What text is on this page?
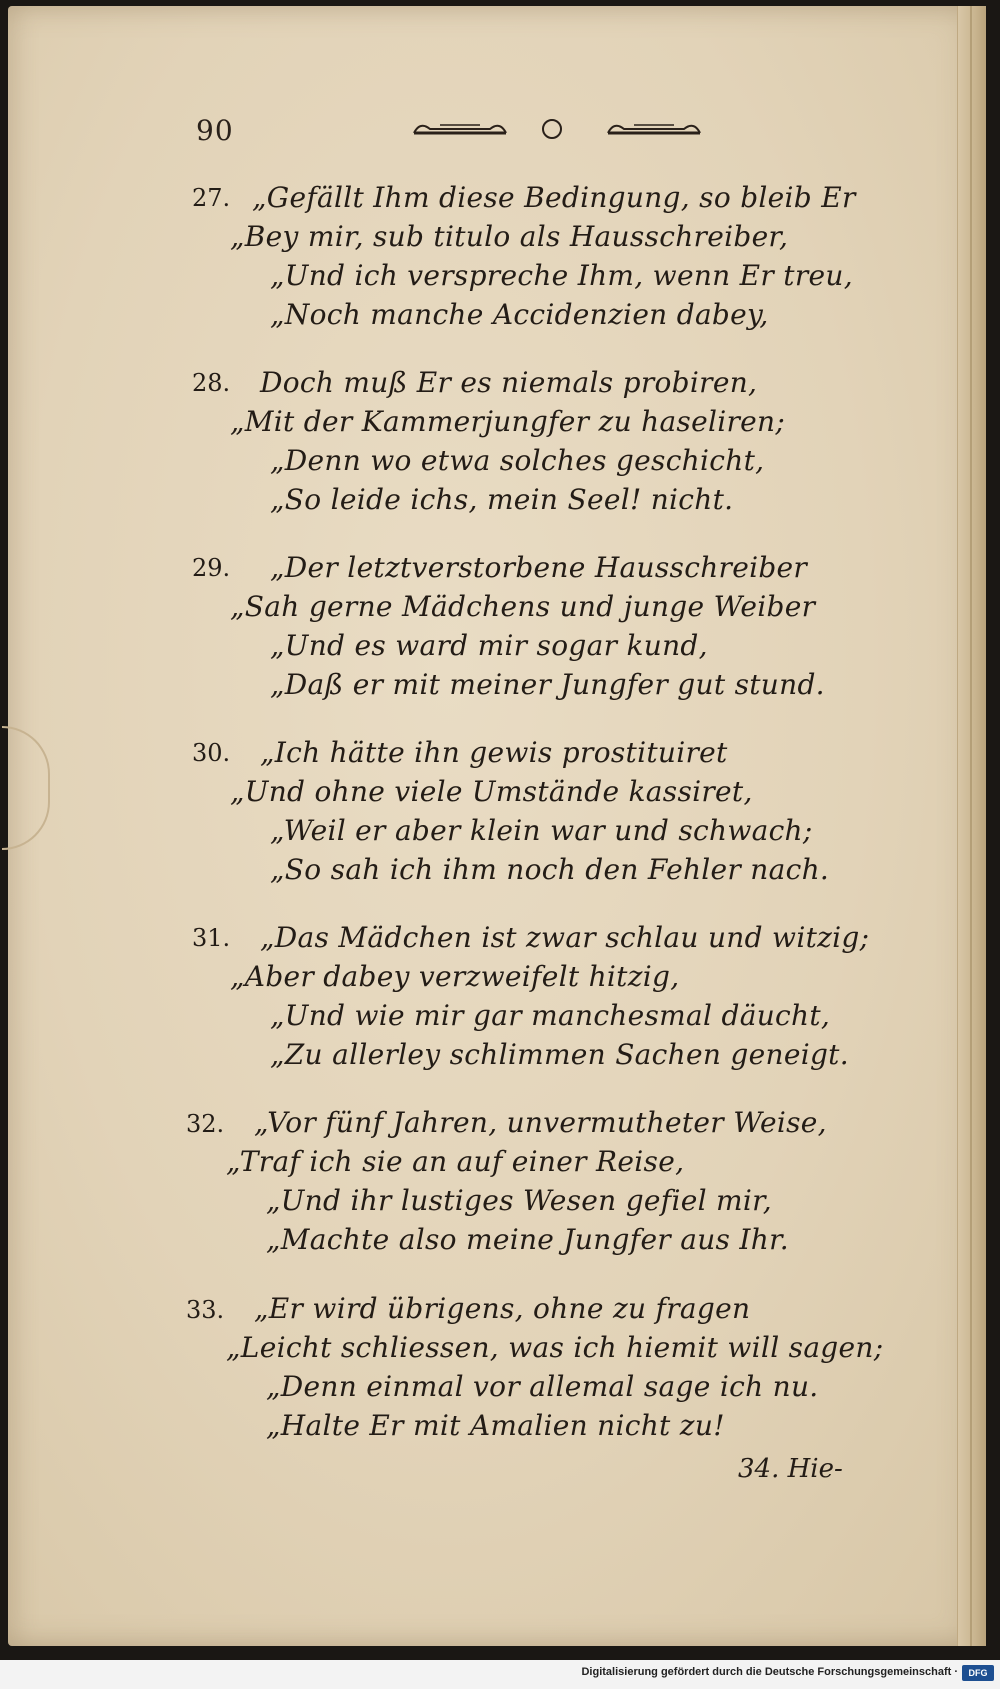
90
27. „Gefällt Ihm diese Bedingung, so bleib Er
„Bey mir, sub titulo als Hausschreiber,
„Und ich verspreche Ihm, wenn Er treu,
„Noch manche Accidenzien dabey,
28. Doch muß Er es niemals probiren,
„Mit der Kammerjungfer zu haseliren;
„Denn wo etwa solches geschicht,
„So leide ichs, mein Seel! nicht.
29. „Der letztverstorbene Hausschreiber
„Sah gerne Mädchens und junge Weiber
„Und es ward mir sogar kund,
„Daß er mit meiner Jungfer gut stund.
30. „Ich hätte ihn gewis prostituiret
„Und ohne viele Umstände kassiret,
„Weil er aber klein war und schwach;
„So sah ich ihm noch den Fehler nach.
31. „Das Mädchen ist zwar schlau und witzig;
„Aber dabey verzweifelt hitzig,
„Und wie mir gar manchesmal däucht,
„Zu allerley schlimmen Sachen geneigt.
32. „Vor fünf Jahren, unvermutheter Weise,
„Traf ich sie an auf einer Reise,
„Und ihr lustiges Wesen gefiel mir,
„Machte also meine Jungfer aus Ihr.
33. „Er wird übrigens, ohne zu fragen
„Leicht schliessen, was ich hiemit will sagen;
„Denn einmal vor allemal sage ich nu.
„Halte Er mit Amalien nicht zu!
34. Hie-
Digitalisierung gefördert durch die Deutsche Forschungsgemeinschaft ·	DFG
